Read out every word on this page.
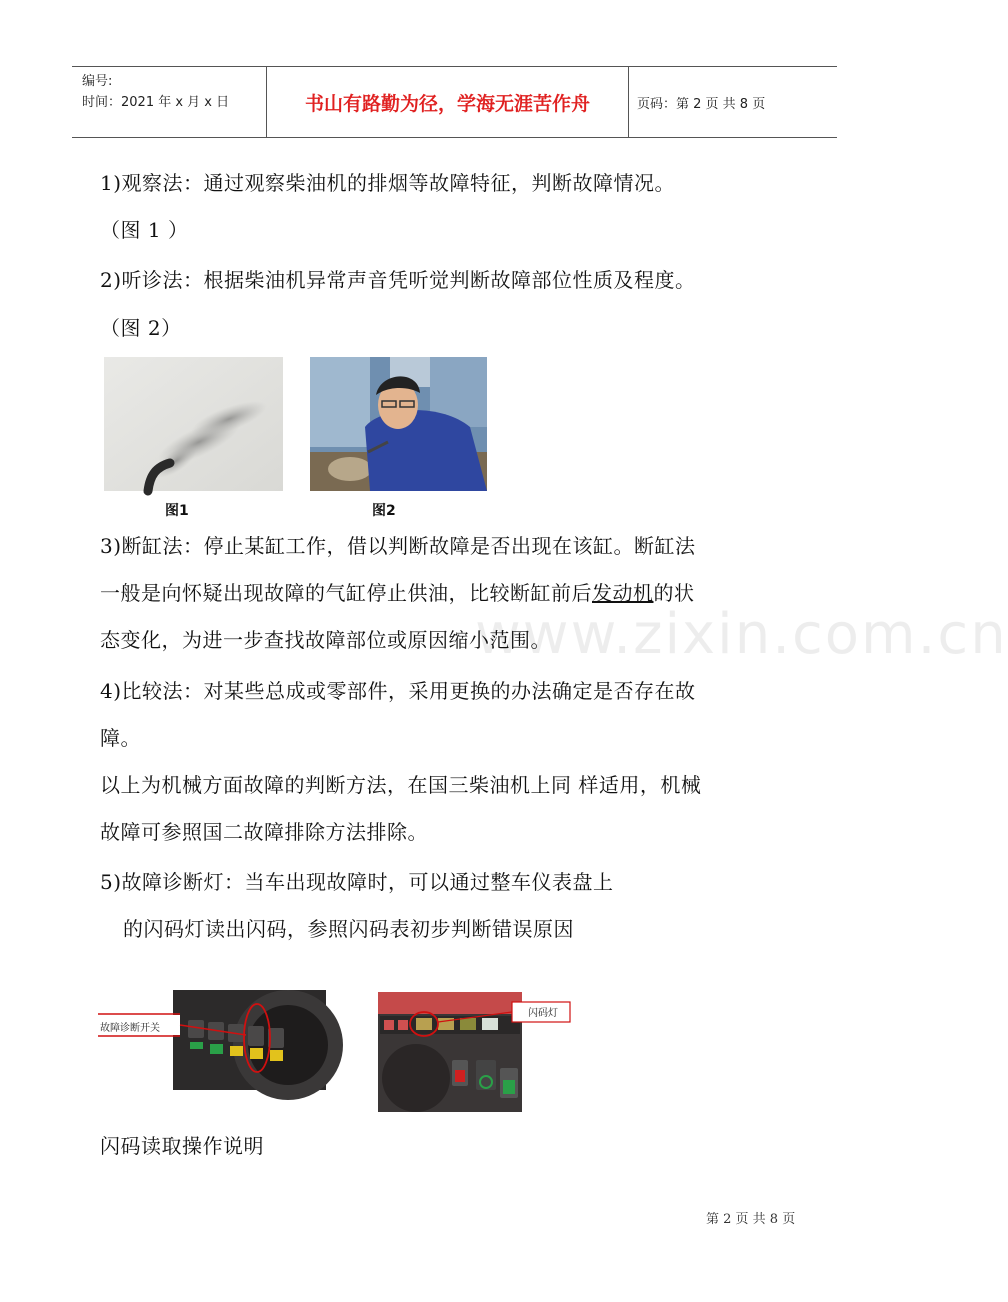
编号:
时间：2021 年 x 月 x 日	书山有路勤为径，学海无涯苦作舟	页码：第 2 页 共 8 页
1)观察法：通过观察柴油机的排烟等故障特征，判断故障情况。
（图 1 ）
2)听诊法：根据柴油机异常声音凭听觉判断故障部位性质及程度。
（图 2）
图1	图2
3)断缸法：停止某缸工作，借以判断故障是否出现在该缸。断缸法
一般是向怀疑出现故障的气缸停止供油，比较断缸前后发动机的状
态变化，为进一步查找故障部位或原因缩小范围。
4)比较法：对某些总成或零部件，采用更换的办法确定是否存在故
障。
以上为机械方面故障的判断方法，在国三柴油机上同 样适用，机械
故障可参照国二故障排除方法排除。
5)故障诊断灯：当车出现故障时，可以通过整车仪表盘上
的闪码灯读出闪码，参照闪码表初步判断错误原因
故障诊断开关
闪码灯
闪码读取操作说明
www.zixin.com.cn
第 2 页 共 8 页
